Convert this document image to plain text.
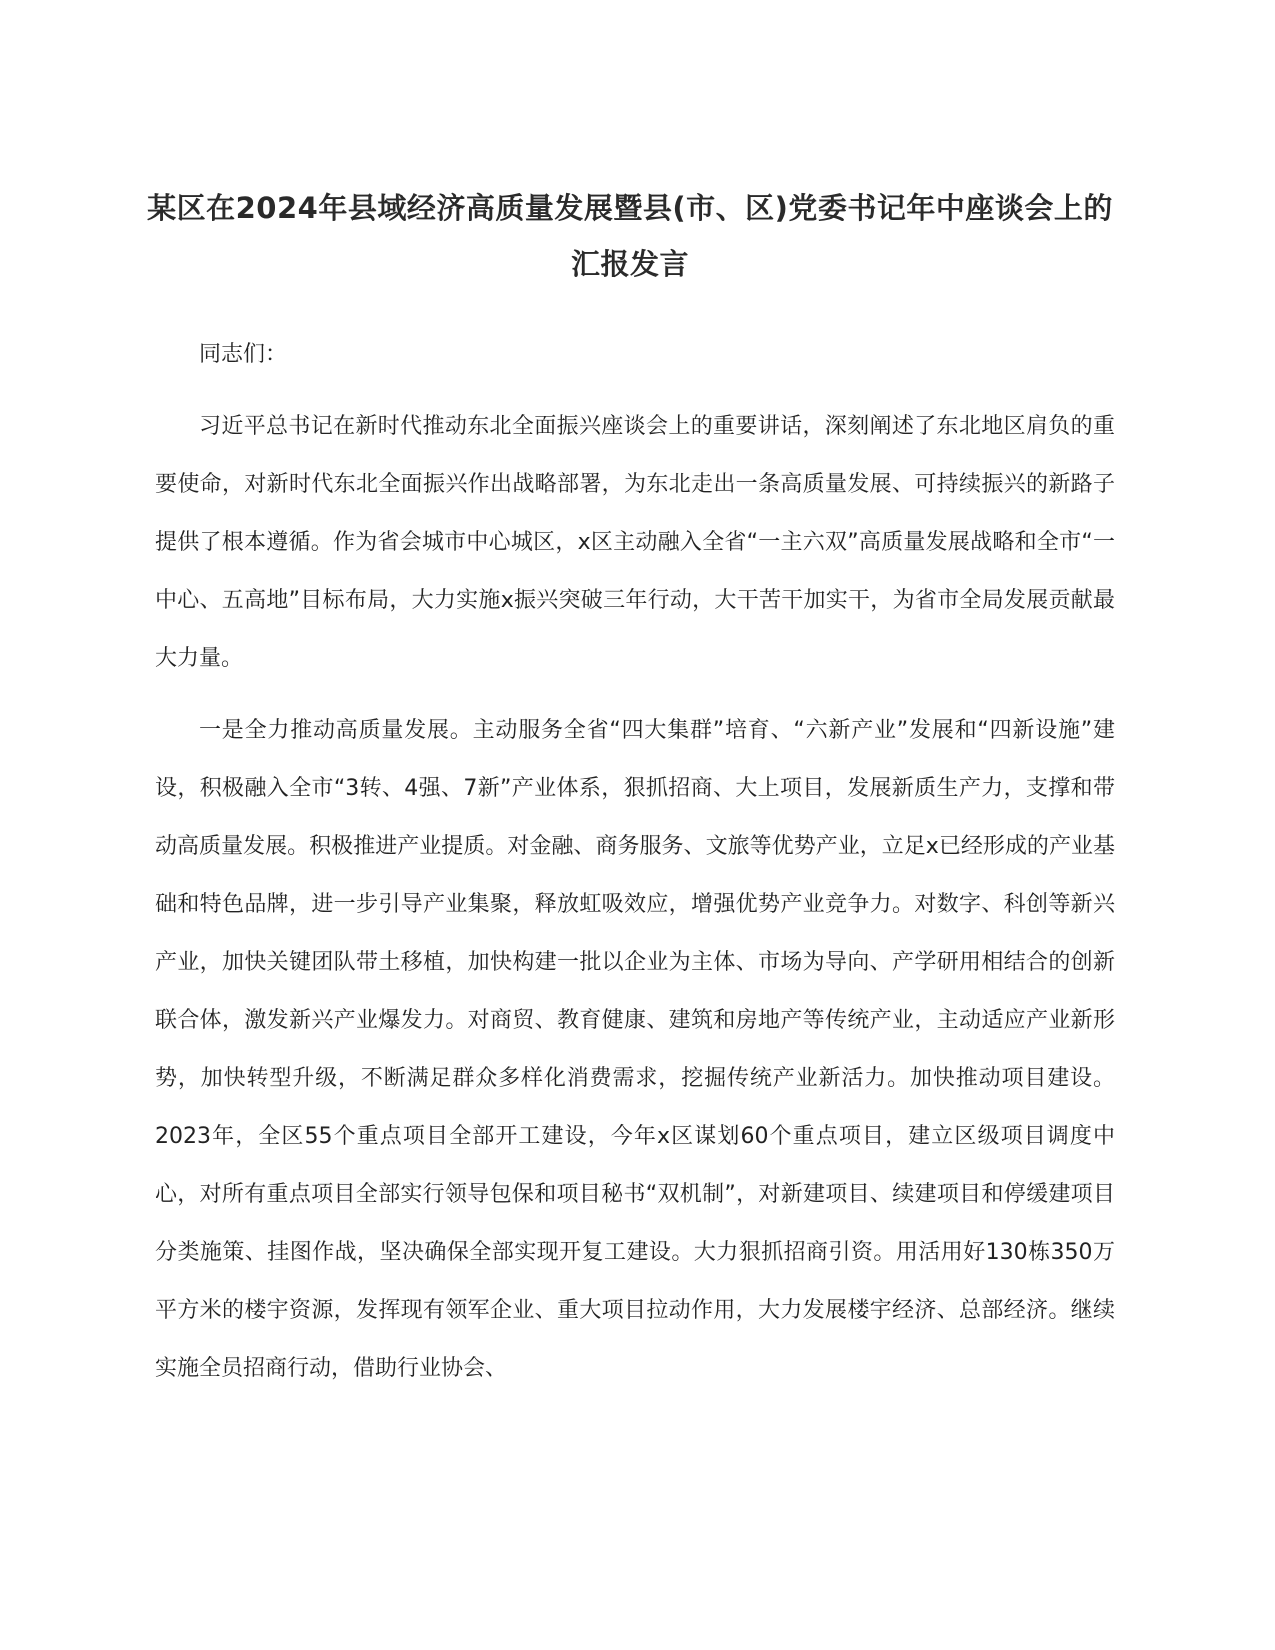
某区在2024年县域经济高质量发展暨县(市、区)党委书记年中座谈会上的汇报发言

同志们：

习近平总书记在新时代推动东北全面振兴座谈会上的重要讲话，深刻阐述了东北地区肩负的重要使命，对新时代东北全面振兴作出战略部署，为东北走出一条高质量发展、可持续振兴的新路子提供了根本遵循。作为省会城市中心城区，x区主动融入全省“一主六双”高质量发展战略和全市“一中心、五高地”目标布局，大力实施x振兴突破三年行动，大干苦干加实干，为省市全局发展贡献最大力量。

一是全力推动高质量发展。主动服务全省“四大集群”培育、“六新产业”发展和“四新设施”建设，积极融入全市“3转、4强、7新”产业体系，狠抓招商、大上项目，发展新质生产力，支撑和带动高质量发展。积极推进产业提质。对金融、商务服务、文旅等优势产业，立足x已经形成的产业基础和特色品牌，进一步引导产业集聚，释放虹吸效应，增强优势产业竞争力。对数字、科创等新兴产业，加快关键团队带土移植，加快构建一批以企业为主体、市场为导向、产学研用相结合的创新联合体，激发新兴产业爆发力。对商贸、教育健康、建筑和房地产等传统产业，主动适应产业新形势，加快转型升级，不断满足群众多样化消费需求，挖掘传统产业新活力。加快推动项目建设。2023年，全区55个重点项目全部开工建设，今年x区谋划60个重点项目，建立区级项目调度中心，对所有重点项目全部实行领导包保和项目秘书“双机制”，对新建项目、续建项目和停缓建项目分类施策、挂图作战，坚决确保全部实现开复工建设。大力狠抓招商引资。用活用好130栋350万平方米的楼宇资源，发挥现有领军企业、重大项目拉动作用，大力发展楼宇经济、总部经济。继续实施全员招商行动，借助行业协会、
